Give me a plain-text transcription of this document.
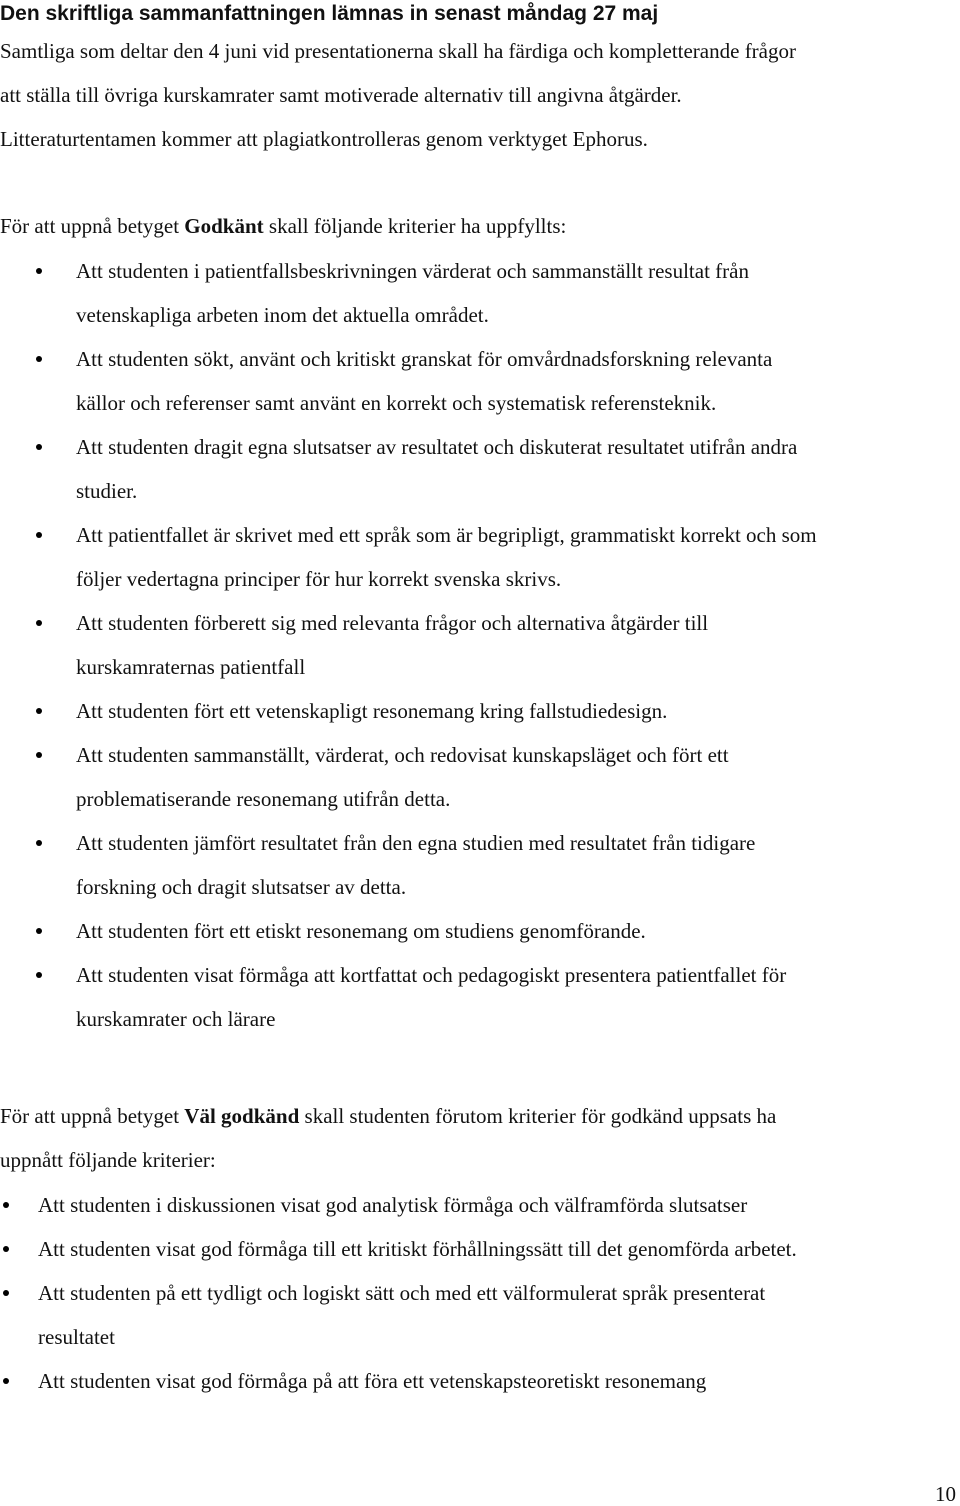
Den skriftliga sammanfattningen lämnas in senast måndag 27 maj
Samtliga som deltar den 4 juni vid presentationerna skall ha färdiga och kompletterande frågor
att ställa till övriga kurskamrater samt motiverade alternativ till angivna åtgärder.
Litteraturtentamen kommer att plagiatkontrolleras genom verktyget Ephorus.
För att uppnå betyget Godkänt skall följande kriterier ha uppfyllts:
Att studenten i patientfallsbeskrivningen värderat och sammanställt resultat från
vetenskapliga arbeten inom det aktuella området.
Att studenten sökt, använt och kritiskt granskat för omvårdnadsforskning relevanta
källor och referenser samt använt en korrekt och systematisk referensteknik.
Att studenten dragit egna slutsatser av resultatet och diskuterat resultatet utifrån andra
studier.
Att patientfallet är skrivet med ett språk som är begripligt, grammatiskt korrekt och som
följer vedertagna principer för hur korrekt svenska skrivs.
Att studenten förberett sig med relevanta frågor och alternativa åtgärder till
kurskamraternas patientfall
Att studenten fört ett vetenskapligt resonemang kring fallstudiedesign.
Att studenten sammanställt, värderat, och redovisat kunskapsläget och fört ett
problematiserande resonemang utifrån detta.
Att studenten jämfört resultatet från den egna studien med resultatet från tidigare
forskning och dragit slutsatser av detta.
Att studenten fört ett etiskt resonemang om studiens genomförande.
Att studenten visat förmåga att kortfattat och pedagogiskt presentera patientfallet för
kurskamrater och lärare
För att uppnå betyget Väl godkänd skall studenten förutom kriterier för godkänd uppsats ha
uppnått följande kriterier:
Att studenten i diskussionen visat god analytisk förmåga och välframförda slutsatser
Att studenten visat god förmåga till ett kritiskt förhållningssätt till det genomförda arbetet.
Att studenten på ett tydligt och logiskt sätt och med ett välformulerat språk presenterat
resultatet
Att studenten visat god förmåga på att föra ett vetenskapsteoretiskt resonemang
10
